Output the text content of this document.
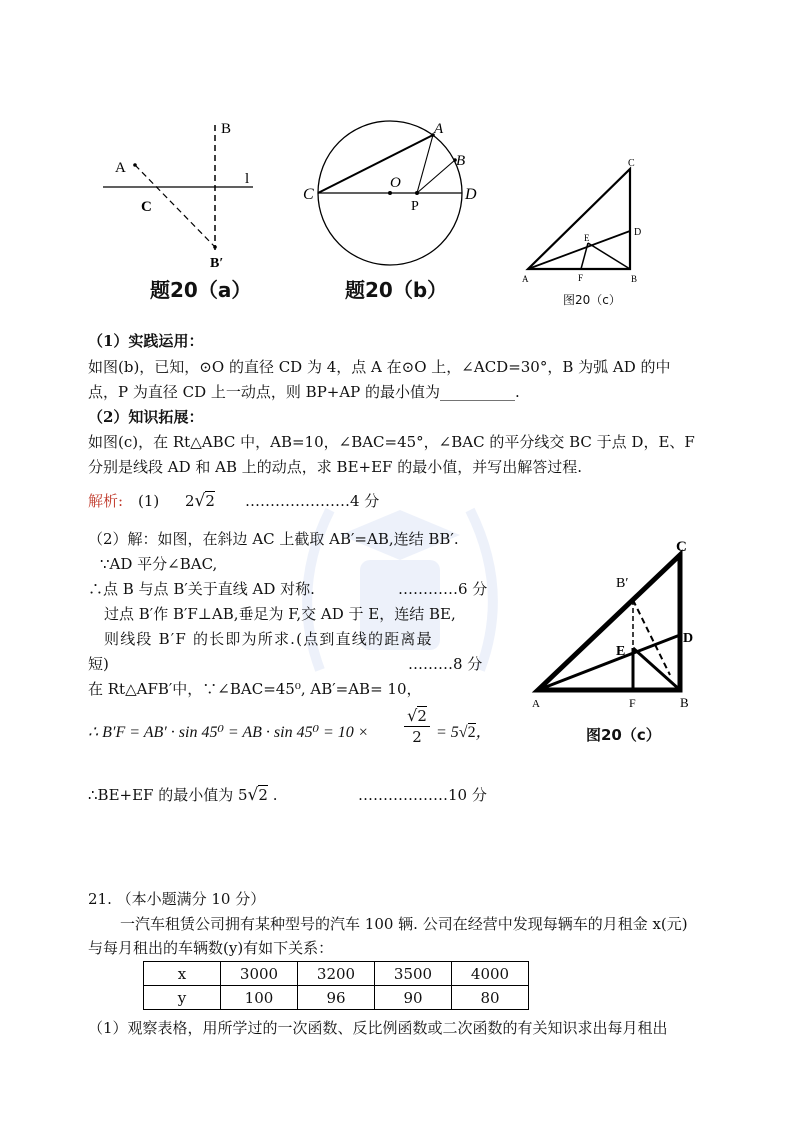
B
A
C
l
B′
题20（a）
A
B
C	D
O
P
题20（b）
C
D
E
F
A	B
图20（c）
（1）实践运用：
如图(b)，已知，⊙O 的直径 CD 为 4，点 A 在⊙O 上，∠ACD=30°，B 为弧 AD 的中
点，P 为直径 CD 上一动点，则 BP+AP 的最小值为__________.
（2）知识拓展：
如图(c)，在 Rt△ABC 中，AB=10，∠BAC=45°，∠BAC 的平分线交 BC 于点 D，E、F
分别是线段 AD 和 AB 上的动点，求 BE+EF 的最小值，并写出解答过程.
解析: (1) 2√2 …………………4 分
（2）解：如图，在斜边 AC 上截取 AB′=AB,连结 BB′.
∵AD 平分∠BAC,
∴点 B 与点 B′关于直线 AD 对称.	…………6 分
过点 B′作 B′F⊥AB,垂足为 F,交 AD 于 E，连结 BE,
则线段 B′F 的长即为所求.(点到直线的距离最
短)	………8 分
在 Rt△AFB′中，∵∠BAC=45⁰, AB′=AB= 10，
∴ B′F = AB′ · sin 45⁰ = AB · sin 45⁰ = 10 ×
√2
2 = 5√2，
∴BE+EF 的最小值为 5√2 .	………………10 分
C
B′
D
E
F
A	B
图20（c）
21. （本小题满分 10 分）
一汽车租赁公司拥有某种型号的汽车 100 辆. 公司在经营中发现每辆车的月租金 x(元)
与每月租出的车辆数(y)有如下关系：
x	3000	3200	3500	4000
y	100	96	90	80
（1）观察表格，用所学过的一次函数、反比例函数或二次函数的有关知识求出每月租出
